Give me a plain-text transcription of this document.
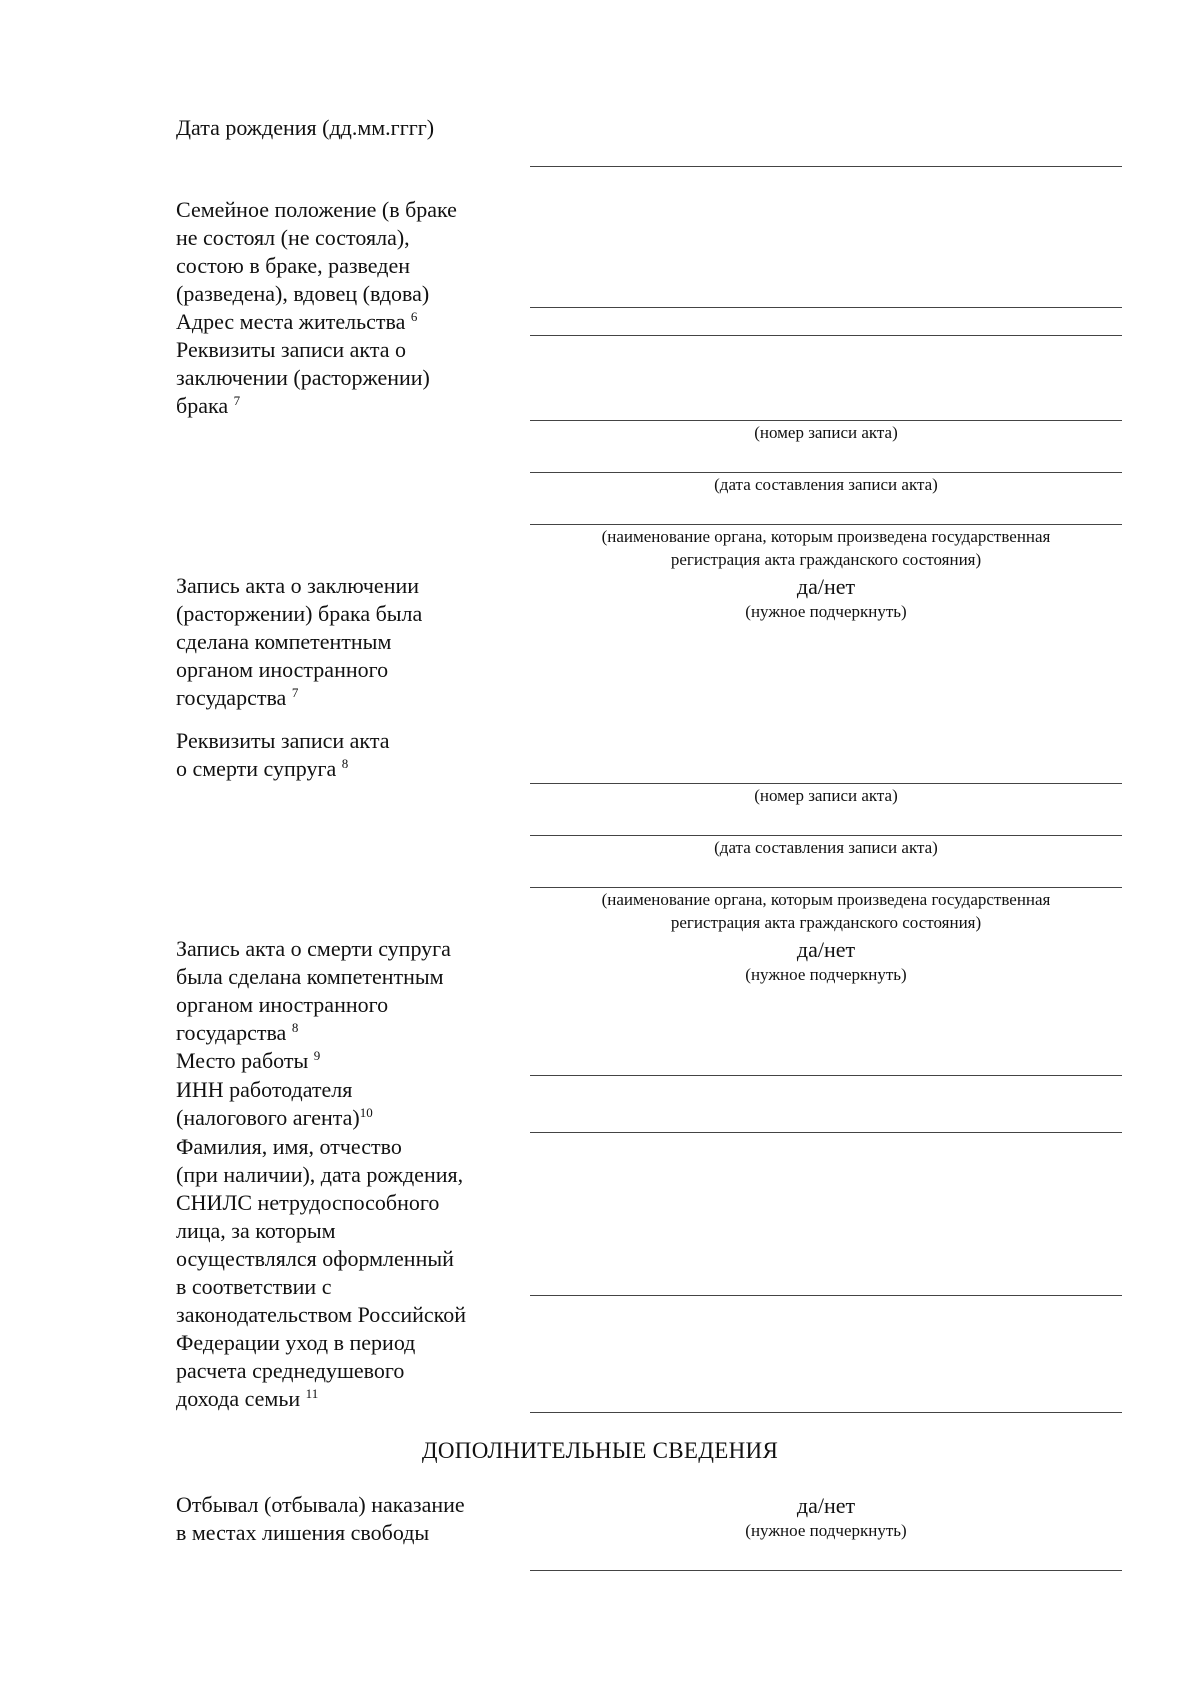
Дата рождения (дд.мм.гггг)
Семейное положение (в браке
не состоял (не состояла),
состою в браке, разведен
(разведена), вдовец (вдова)
Адрес места жительства $^6$
Реквизиты записи акта о
заключении (расторжении)
брака $^7$
(номер записи акта)
(дата составления записи акта)
(наименование органа, которым произведена государственная
регистрация акта гражданского состояния)
Запись акта о заключении
(расторжении) брака была
сделана компетентным
органом иностранного
государства $^7$
да/нет
(нужное подчеркнуть)
Реквизиты записи акта
о смерти супруга $^8$
(номер записи акта)
(дата составления записи акта)
(наименование органа, которым произведена государственная
регистрация акта гражданского состояния)
Запись акта о смерти супруга
была сделана компетентным
органом иностранного
государства $^8$
да/нет
(нужное подчеркнуть)
Место работы $^9$
ИНН работодателя
(налогового агента)$^{10}$
Фамилия, имя, отчество
(при наличии), дата рождения,
СНИЛС нетрудоспособного
лица, за которым
осуществлялся оформленный
в соответствии с
законодательством Российской
Федерации уход в период
расчета среднедушевого
дохода семьи $^{11}$
ДОПОЛНИТЕЛЬНЫЕ СВЕДЕНИЯ
Отбывал (отбывала) наказание
в местах лишения свободы
да/нет
(нужное подчеркнуть)
